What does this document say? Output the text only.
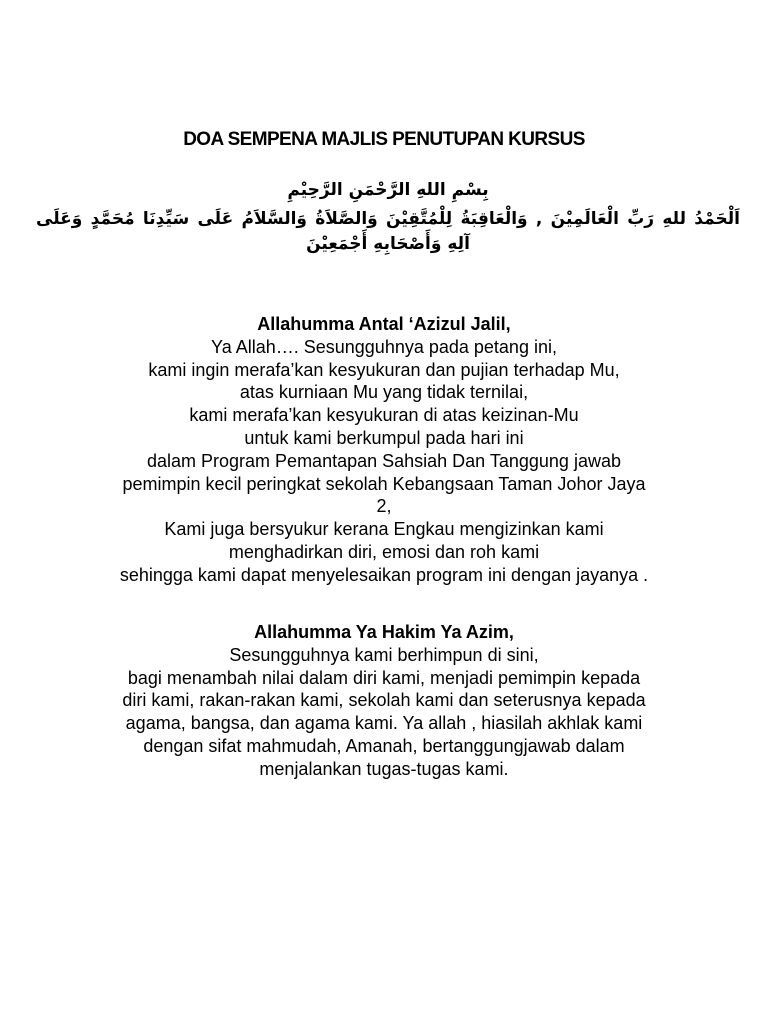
DOA SEMPENA MAJLIS PENUTUPAN KURSUS
بِسْمِ اللهِ الرَّحْمَنِ الرَّحِيْمِ
اَلْحَمْدُ للهِ رَبِّ الْعَالَمِيْنَ , وَالْعَاقِبَةُ لِلْمُتَّقِيْنَ وَالصَّلاَةُ وَالسَّلاَمُ عَلَى سَيِّدِنَا مُحَمَّدٍ وَعَلَى
آلِهِ وَأَصْحَابِهِ أَجْمَعِيْنَ
Allahumma Antal ‘Azizul Jalil,
Ya Allah…. Sesungguhnya pada petang ini,
kami ingin merafa’kan kesyukuran dan pujian terhadap Mu,
atas kurniaan Mu yang tidak ternilai,
kami merafa’kan kesyukuran di atas keizinan-Mu
untuk kami berkumpul pada hari ini
dalam Program Pemantapan Sahsiah Dan Tanggung jawab
pemimpin kecil peringkat sekolah Kebangsaan Taman Johor Jaya
2,
Kami juga bersyukur kerana Engkau mengizinkan kami
menghadirkan diri, emosi dan roh kami
sehingga kami dapat menyelesaikan program ini dengan jayanya .
Allahumma Ya Hakim Ya Azim,
Sesungguhnya kami berhimpun di sini,
bagi menambah nilai dalam diri kami, menjadi pemimpin kepada
diri kami, rakan-rakan kami, sekolah kami dan seterusnya kepada
agama, bangsa, dan agama kami. Ya allah , hiasilah akhlak kami
dengan sifat mahmudah, Amanah, bertanggungjawab dalam
menjalankan tugas-tugas kami.
